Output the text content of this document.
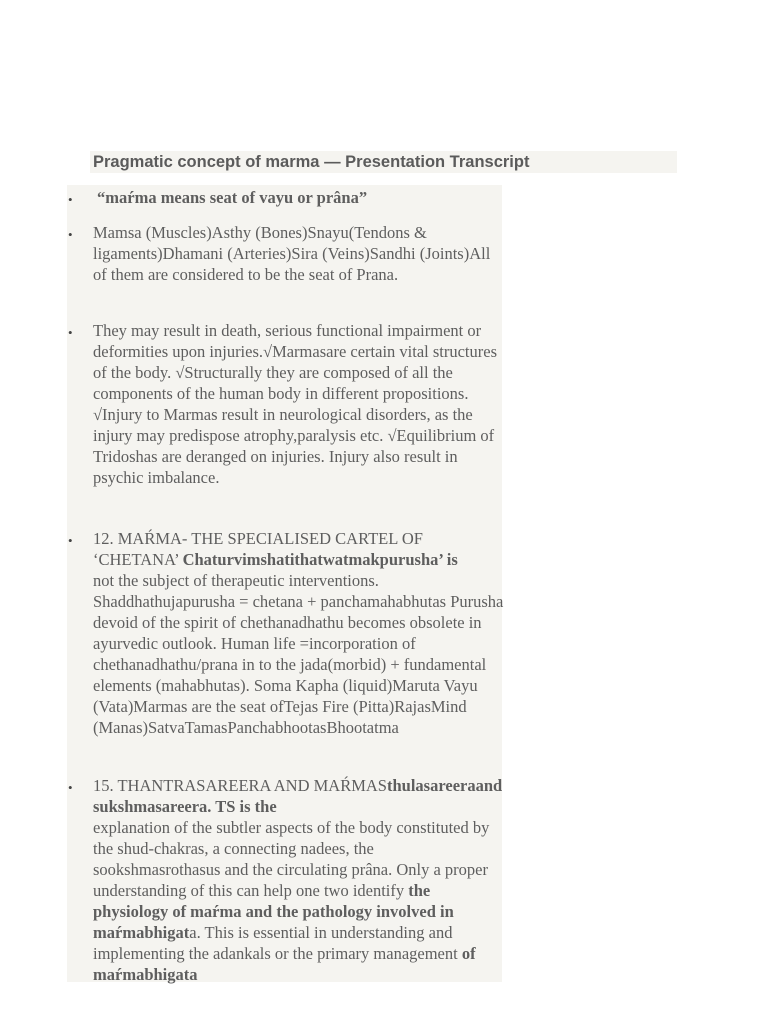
Pragmatic concept of marma — Presentation Transcript
• “maŕma means seat of vayu or prâna”
• Mamsa (Muscles)Asthy (Bones)Snayu(Tendons & ligaments)Dhamani (Arteries)Sira (Veins)Sandhi (Joints)All of them are considered to be the seat of Prana.
• They may result in death, serious functional impairment or deformities upon injuries.√Marmasare certain vital structures of the body. √Structurally they are composed of all the components of the human body in different propositions. √Injury to Marmas result in neurological disorders, as the injury may predispose atrophy,paralysis etc. √Equilibrium of Tridoshas are deranged on injuries. Injury also result in psychic imbalance.
• 12. MAŔMA- THE SPECIALISED CARTEL OF ‘CHETANA’ Chaturvimshatithatwatmakpurusha’ is
not the subject of therapeutic interventions. Shaddhathujapurusha = chetana + panchamahabhutas Purusha devoid of the spirit of chethanadhathu becomes obsolete in ayurvedic outlook. Human life =incorporation of chethanadhathu/prana in to the jada(morbid) + fundamental elements (mahabhutas). Soma Kapha (liquid)Maruta Vayu (Vata)Marmas are the seat ofTejas Fire (Pitta)RajasMind (Manas)SatvaTamasPanchabhootasBhootatma
• 15. THANTRASAREERA AND MAŔMASthulasareeraand sukshmasareera. TS is the
explanation of the subtler aspects of the body constituted by the shud-chakras, a connecting nadees, the sookshmasrothasus and the circulating prâna. Only a proper understanding of this can help one two identify the physiology of maŕma and the pathology involved in maŕmabhigata. This is essential in understanding and implementing the adankals or the primary management of maŕmabhigata
